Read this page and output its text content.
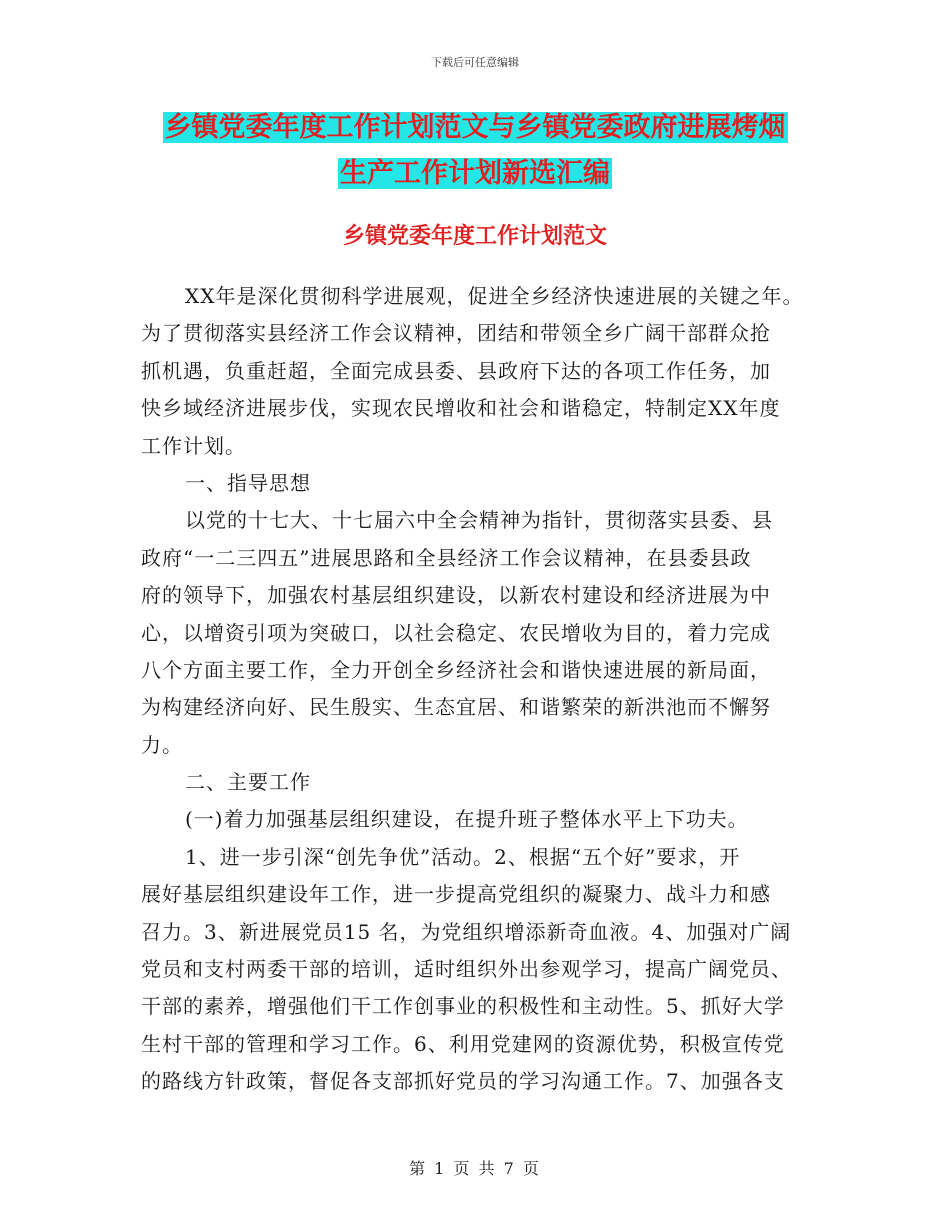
下载后可任意编辑
乡镇党委年度工作计划范文与乡镇党委政府进展烤烟
生产工作计划新选汇编
乡镇党委年度工作计划范文
XX年是深化贯彻科学进展观，促进全乡经济快速进展的关键之年。
为了贯彻落实县经济工作会议精神，团结和带领全乡广阔干部群众抢
抓机遇，负重赶超，全面完成县委、县政府下达的各项工作任务，加
快乡域经济进展步伐，实现农民增收和社会和谐稳定，特制定XX年度
工作计划。
一、指导思想
以党的十七大、十七届六中全会精神为指针，贯彻落实县委、县
政府“一二三四五”进展思路和全县经济工作会议精神，在县委县政
府的领导下，加强农村基层组织建设，以新农村建设和经济进展为中
心，以增资引项为突破口，以社会稳定、农民增收为目的，着力完成
八个方面主要工作，全力开创全乡经济社会和谐快速进展的新局面，
为构建经济向好、民生殷实、生态宜居、和谐繁荣的新洪池而不懈努
力。
二、主要工作
(一)着力加强基层组织建设，在提升班子整体水平上下功夫。
1、进一步引深“创先争优”活动。2、根据“五个好”要求，开
展好基层组织建设年工作，进一步提高党组织的凝聚力、战斗力和感
召力。3、新进展党员15 名，为党组织增添新奇血液。4、加强对广阔
党员和支村两委干部的培训，适时组织外出参观学习，提高广阔党员、
干部的素养，增强他们干工作创事业的积极性和主动性。5、抓好大学
生村干部的管理和学习工作。6、利用党建网的资源优势，积极宣传党
的路线方针政策，督促各支部抓好党员的学习沟通工作。7、加强各支
第 1 页 共 7 页
